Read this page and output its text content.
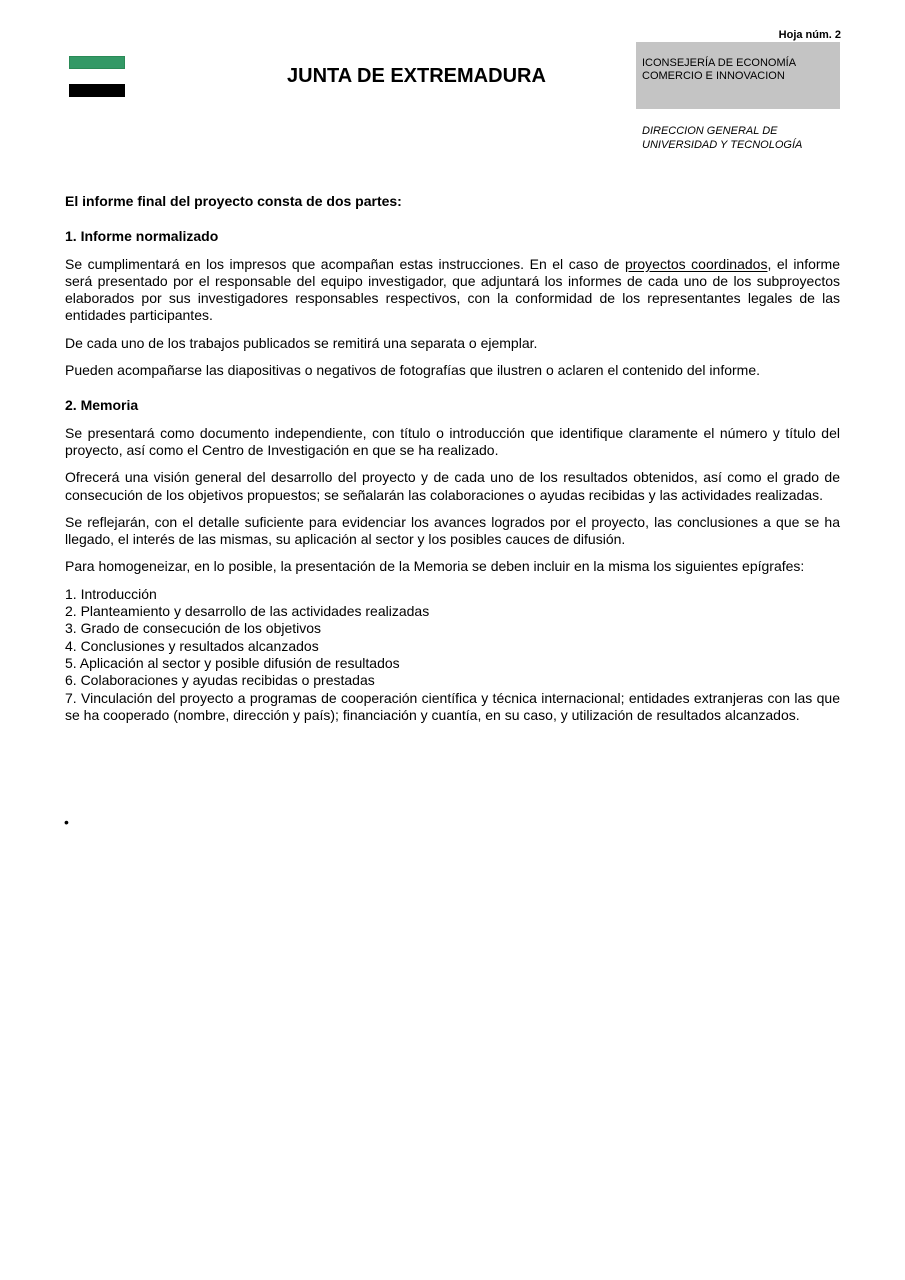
Hoja núm. 2
JUNTA DE EXTREMADURA
ICONSEJERÍA DE ECONOMÍA
COMERCIO E INNOVACION
DIRECCION GENERAL DE
UNIVERSIDAD Y TECNOLOGÍA
El informe final del proyecto consta de dos partes:
1. Informe normalizado

Se cumplimentará en los impresos que acompañan estas instrucciones. En el caso de proyectos coordinados, el informe será presentado por el responsable del equipo investigador, que adjuntará los informes de cada uno de los subproyectos elaborados por sus investigadores responsables respectivos, con la conformidad de los representantes legales de las entidades participantes.

De cada uno de los trabajos publicados se remitirá una separata o ejemplar.

Pueden acompañarse las diapositivas o negativos de fotografías que ilustren o aclaren el contenido del informe.

2. Memoria

Se presentará como documento independiente, con título o introducción que identifique claramente el número y título del proyecto, así como el Centro de Investigación en que se ha realizado.

Ofrecerá una visión general del desarrollo del proyecto y de cada uno de los resultados obtenidos, así como el grado de consecución de los objetivos propuestos; se señalarán las colaboraciones o ayudas recibidas y las actividades realizadas.

Se reflejarán, con el detalle suficiente para evidenciar los avances logrados por el proyecto, las conclusiones a que se ha llegado, el interés de las mismas, su aplicación al sector y los posibles cauces de difusión.

Para homogeneizar, en lo posible, la presentación de la Memoria se deben incluir en la misma los siguientes epígrafes:

1. Introducción
2. Planteamiento y desarrollo de las actividades realizadas
3. Grado de consecución de los objetivos
4. Conclusiones y resultados alcanzados
5. Aplicación al sector y posible difusión de resultados
6. Colaboraciones y ayudas recibidas o prestadas
7. Vinculación del proyecto a programas de cooperación científica y técnica internacional; entidades extranjeras con las que se ha cooperado (nombre, dirección y país); financiación y cuantía, en su caso, y utilización de resultados alcanzados.
•
